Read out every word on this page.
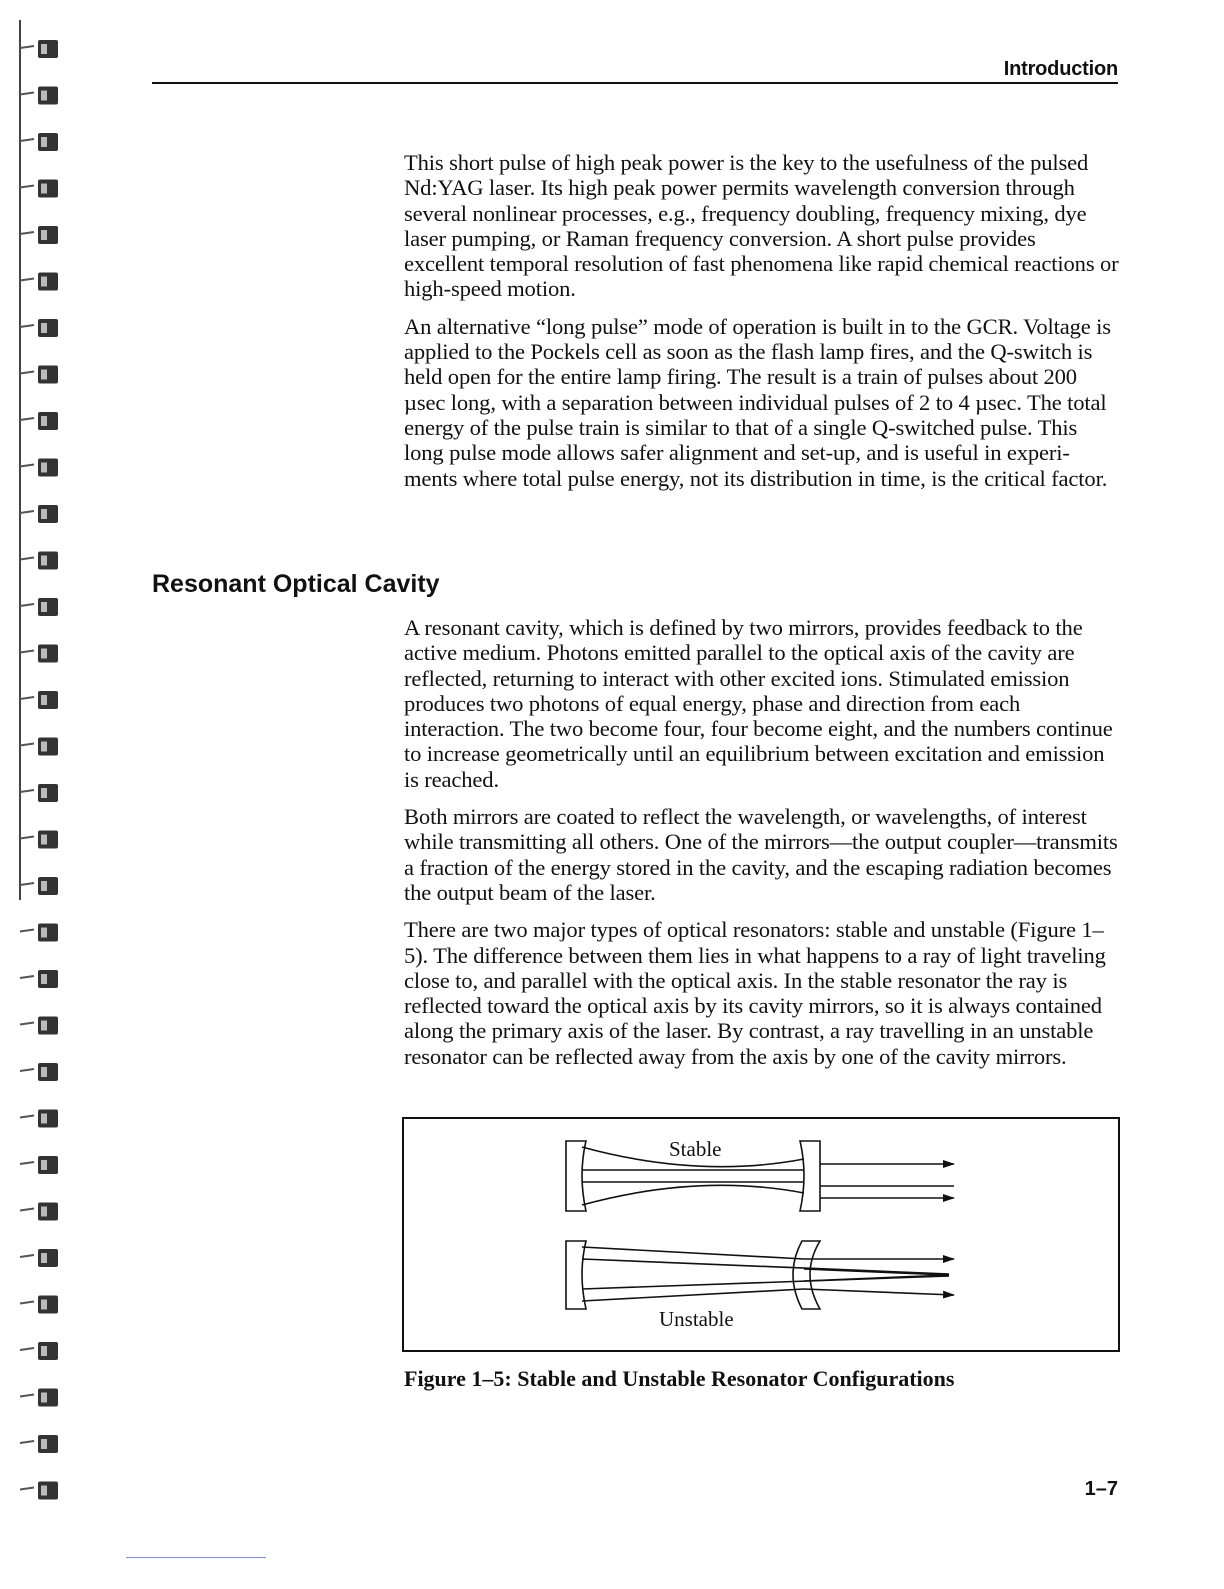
Introduction

This short pulse of high peak power is the key to the usefulness of the pulsed Nd:YAG laser. Its high peak power permits wavelength conversion through several nonlinear processes, e.g., frequency doubling, frequency mixing, dye laser pumping, or Raman frequency conversion. A short pulse provides excellent temporal resolution of fast phenomena like rapid chemical reactions or high-speed motion.

An alternative “long pulse” mode of operation is built in to the GCR. Voltage is applied to the Pockels cell as soon as the flash lamp fires, and the Q-switch is held open for the entire lamp firing. The result is a train of pulses about 200 µsec long, with a separation between individual pulses of 2 to 4 µsec. The total energy of the pulse train is similar to that of a single Q-switched pulse. This long pulse mode allows safer alignment and set-up, and is useful in experi-ments where total pulse energy, not its distribution in time, is the critical factor.

Resonant Optical Cavity

A resonant cavity, which is defined by two mirrors, provides feedback to the active medium. Photons emitted parallel to the optical axis of the cavity are reflected, returning to interact with other excited ions. Stimulated emission produces two photons of equal energy, phase and direction from each interaction. The two become four, four become eight, and the numbers continue to increase geometrically until an equilibrium between excitation and emission is reached.

Both mirrors are coated to reflect the wavelength, or wavelengths, of interest while transmitting all others. One of the mirrors—the output coupler—transmits a fraction of the energy stored in the cavity, and the escaping radiation becomes the output beam of the laser.

There are two major types of optical resonators: stable and unstable (Figure 1–5). The difference between them lies in what happens to a ray of light traveling close to, and parallel with the optical axis. In the stable resonator the ray is reflected toward the optical axis by its cavity mirrors, so it is always contained along the primary axis of the laser. By contrast, a ray travelling in an unstable resonator can be reflected away from the axis by one of the cavity mirrors.

Stable
Unstable
Figure 1–5: Stable and Unstable Resonator Configurations
1–7
